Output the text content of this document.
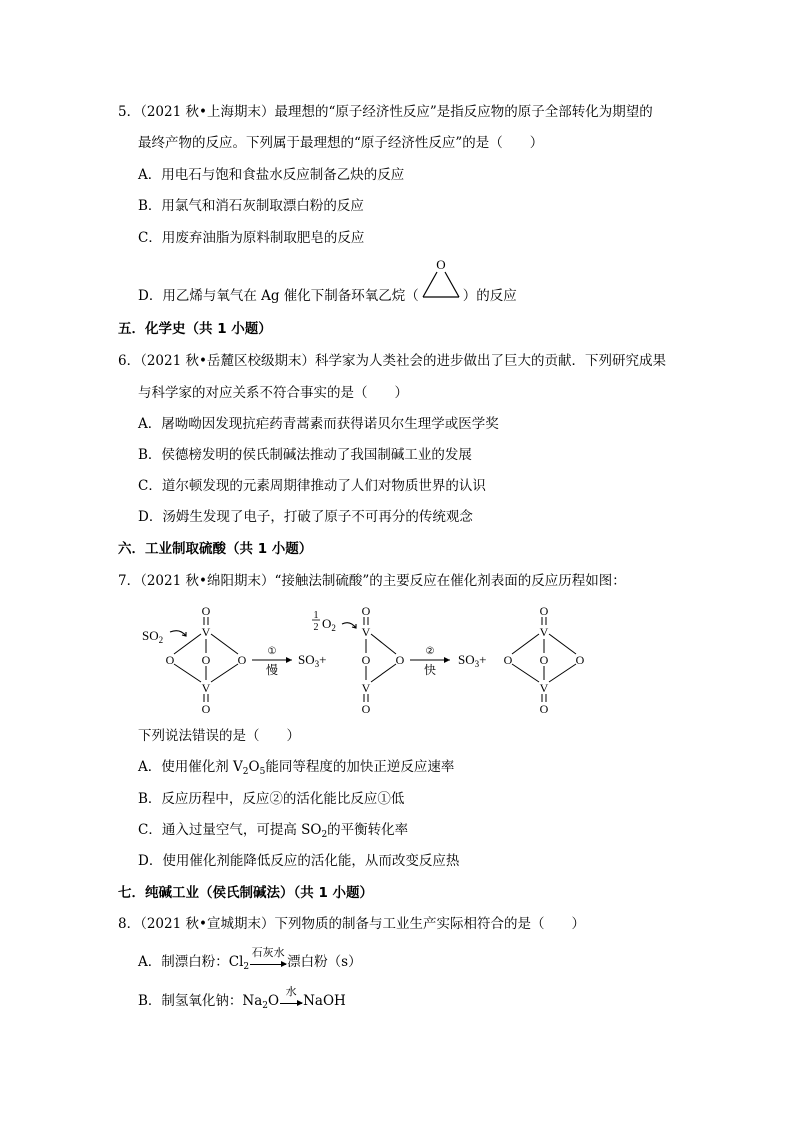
5．（2021 秋•上海期末）最理想的“原子经济性反应”是指反应物的原子全部转化为期望的
最终产物的反应。下列属于最理想的“原子经济性反应”的是（　　）
A．用电石与饱和食盐水反应制备乙炔的反应
B．用氯气和消石灰制取漂白粉的反应
C．用废弃油脂为原料制取肥皂的反应
D．用乙烯与氧气在 Ag 催化下制备环氧乙烷（
O
）的反应
五．化学史（共 1 小题）
6．（2021 秋•岳麓区校级期末）科学家为人类社会的进步做出了巨大的贡献．下列研究成果
与科学家的对应关系不符合事实的是（　　）
A．屠呦呦因发现抗疟药青蒿素而获得诺贝尔生理学或医学奖
B．侯德榜发明的侯氏制碱法推动了我国制碱工业的发展
C．道尔顿发现的元素周期律推动了人们对物质世界的认识
D．汤姆生发现了电子，打破了原子不可再分的传统观念
六．工业制取硫酸（共 1 小题）
7．（2021 秋•绵阳期末）“接触法制硫酸”的主要反应在催化剂表面的反应历程如图：
$SO_2$
O
V
O O O
V
O
①
慢
$SO_3+$
1
2 $O_2$
O
V
O O
V
O
②
快
$SO_3+$
O
V
O O O
V
O
下列说法错误的是（　　）
A．使用催化剂 $V_2O_5$能同等程度的加快正逆反应速率
B．反应历程中，反应②的活化能比反应①低
C．通入过量空气，可提高 $SO_2$的平衡转化率
D．使用催化剂能降低反应的活化能，从而改变反应热
七．纯碱工业（侯氏制碱法）（共 1 小题）
8．（2021 秋•宣城期末）下列物质的制备与工业生产实际相符合的是（　　）
A．制漂白粉：$Cl_2$
石灰水
漂白粉（s）
B．制氢氧化钠：$Na_2O$
水
NaOH
